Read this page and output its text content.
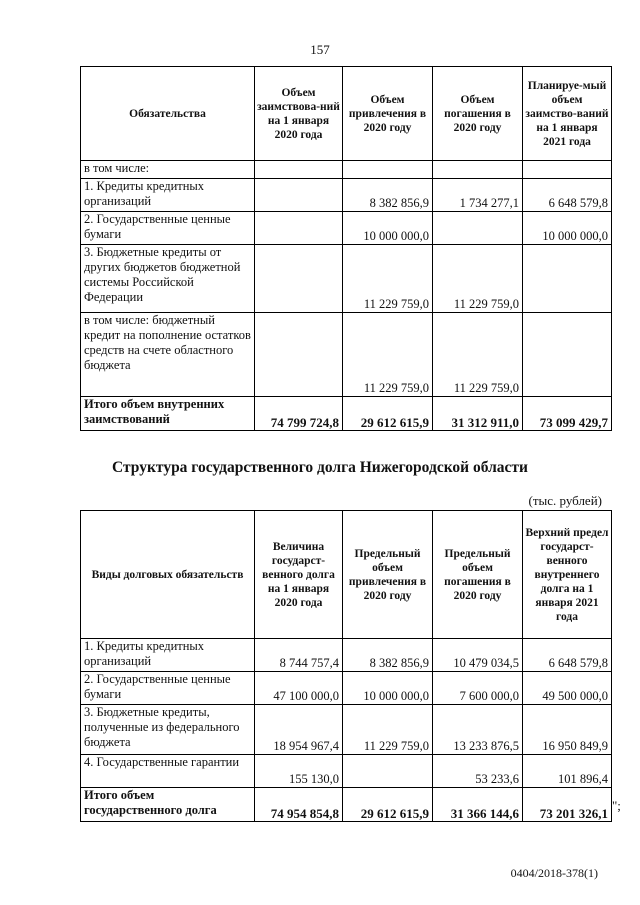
157
Обязательства	Объем заимствова-ний на 1 января 2020 года	Объем привлечения в 2020 году	Объем погашения в 2020 году	Планируе-мый объем заимство-ваний на 1 января 2021 года
в том числе:				
1. Кредиты кредитных организаций		8 382 856,9	1 734 277,1	6 648 579,8
2. Государственные ценные бумаги		10 000 000,0		10 000 000,0
3. Бюджетные кредиты от других бюджетов бюджетной системы Российской Федерации		11 229 759,0	11 229 759,0	
в том числе: бюджетный кредит на пополнение остатков средств на счете областного бюджета		11 229 759,0	11 229 759,0	
Итого объем внутренних заимствований	74 799 724,8	29 612 615,9	31 312 911,0	73 099 429,7
Структура государственного долга Нижегородской области
(тыс. рублей)
Виды долговых обязательств	Величина государст-венного долга на 1 января 2020 года	Предельный объем привлечения в 2020 году	Предельный объем погашения в 2020 году	Верхний предел государст-венного внутреннего долга на 1 января 2021 года
1. Кредиты кредитных организаций	8 744 757,4	8 382 856,9	10 479 034,5	6 648 579,8
2. Государственные ценные бумаги	47 100 000,0	10 000 000,0	7 600 000,0	49 500 000,0
3. Бюджетные кредиты, полученные из федерального бюджета	18 954 967,4	11 229 759,0	13 233 876,5	16 950 849,9
4. Государственные гарантии	155 130,0		53 233,6	101 896,4
Итого объем государственного долга	74 954 854,8	29 612 615,9	31 366 144,6	73 201 326,1
";
0404/2018-378(1)
